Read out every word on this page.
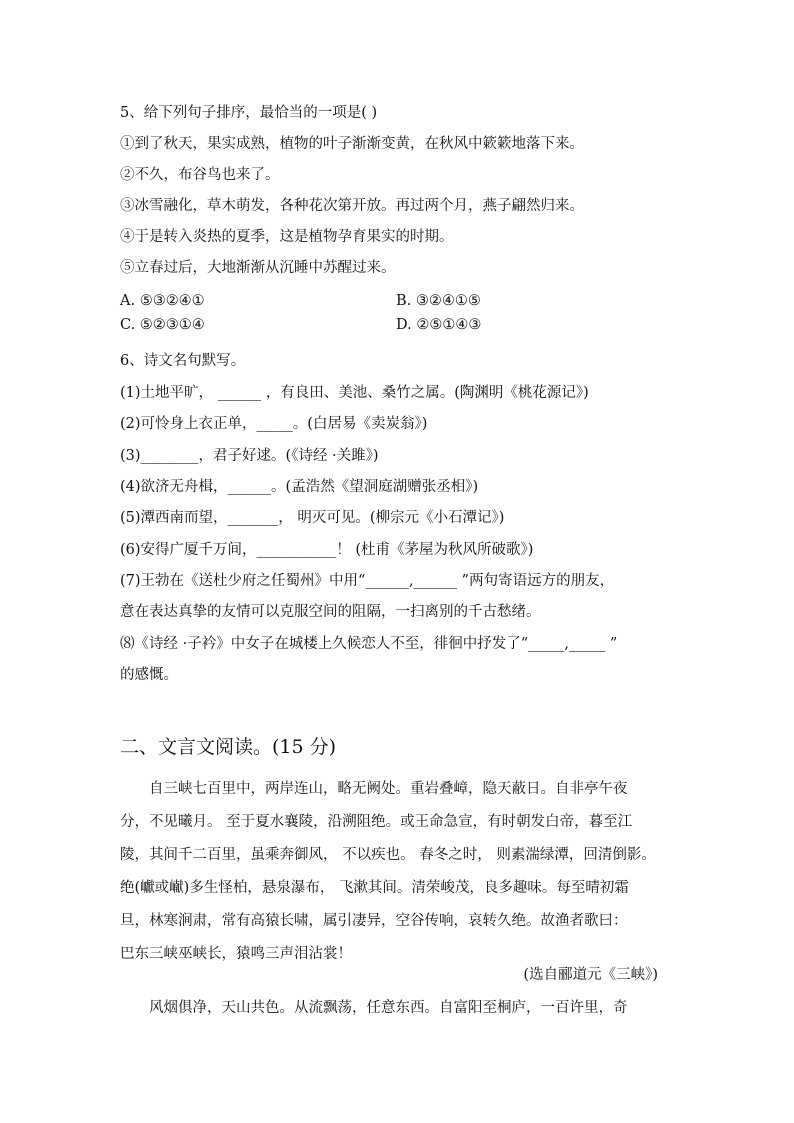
5、给下列句子排序，最恰当的一项是( )
①到了秋天，果实成熟，植物的叶子渐渐变黄，在秋风中簌簌地落下来。
②不久，布谷鸟也来了。
③冰雪融化，草木萌发，各种花次第开放。再过两个月，燕子翩然归来。
④于是转入炎热的夏季，这是植物孕育果实的时期。
⑤立春过后，大地渐渐从沉睡中苏醒过来。
A. ⑤③②④①	B. ③②④①⑤
C. ⑤②③①④	D. ②⑤①④③
6、诗文名句默写。
(1)土地平旷， ______ ，有良田、美池、桑竹之属。(陶渊明《桃花源记》)
(2)可怜身上衣正单，_____。(白居易《卖炭翁》)
(3)________，君子好逑。(《诗经 ·关雎》)
(4)欲济无舟楫，______。(孟浩然《望洞庭湖赠张丞相》)
(5)潭西南而望，_______， 明灭可见。(柳宗元《小石潭记》)
(6)安得广厦千万间，___________！ (杜甫《茅屋为秋风所破歌》)
(7)王勃在《送杜少府之任蜀州》中用“______,______ ”两句寄语远方的朋友，
意在表达真挚的友情可以克服空间的阻隔，一扫离别的千古愁绪。
⑻《诗经 ·子衿》中女子在城楼上久候恋人不至，徘徊中抒发了“_____,_____ ”
的感慨。
二、文言文阅读。(15 分)
自三峡七百里中，两岸连山，略无阙处。重岩叠嶂，隐天蔽日。自非亭午夜
分，不见曦月。 至于夏水襄陵，沿溯阻绝。或王命急宣，有时朝发白帝，暮至江
陵，其间千二百里，虽乘奔御风， 不以疾也。 春冬之时， 则素湍绿潭，回清倒影。
绝(巘或𪩘)多生怪柏，悬泉瀑布， 飞漱其间。清荣峻茂，良多趣味。每至晴初霜
旦，林寒涧肃，常有高猿长啸，属引凄异，空谷传响，哀转久绝。故渔者歌曰：
巴东三峡巫峡长，猿鸣三声泪沾裳！
(选自郦道元《三峡》)
风烟俱净，天山共色。从流飘荡，任意东西。自富阳至桐庐，一百许里，奇
